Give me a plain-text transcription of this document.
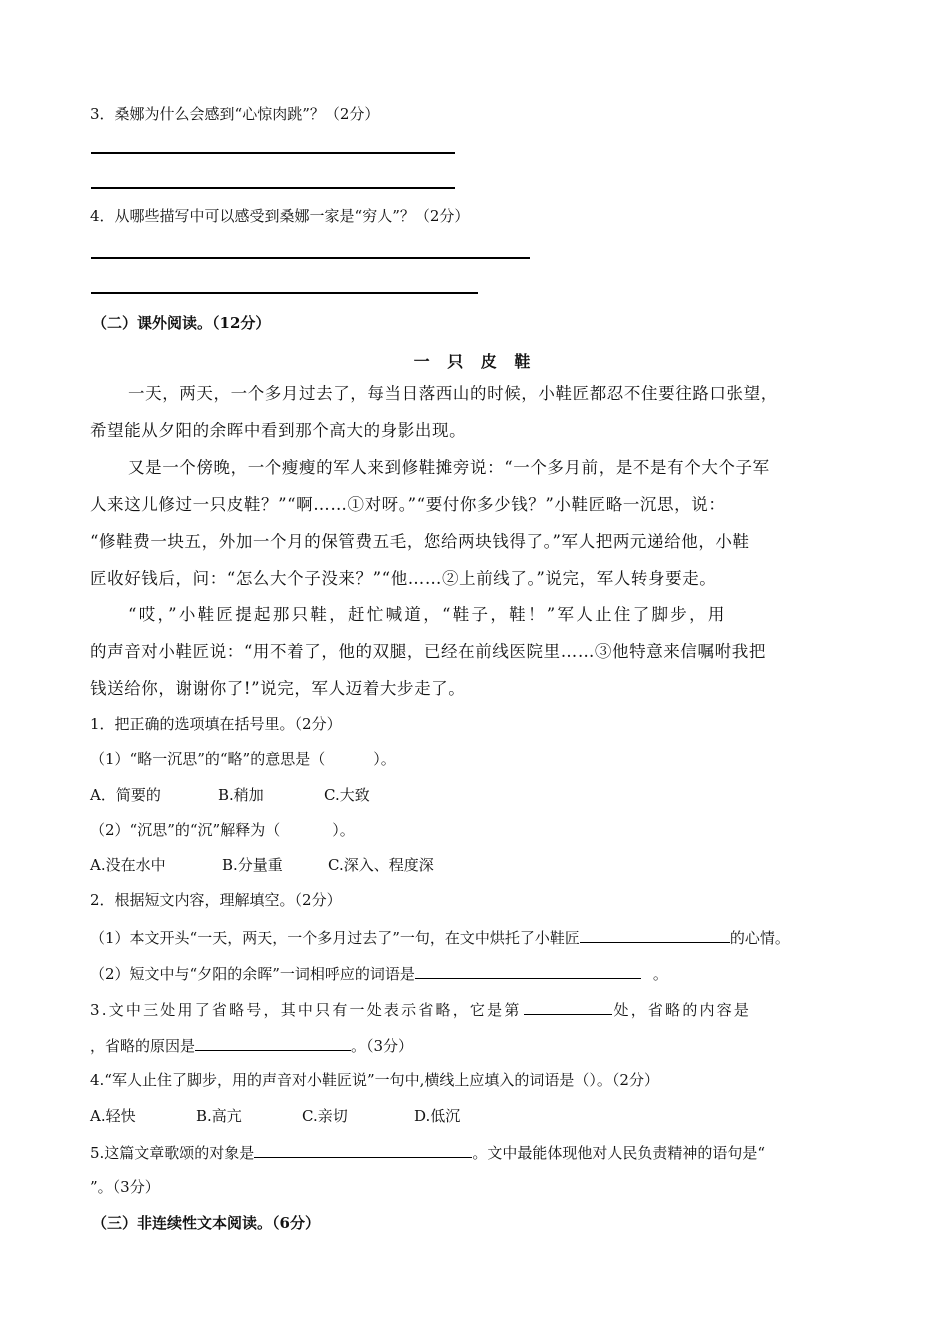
3．桑娜为什么会感到“心惊肉跳”？（2分）
4．从哪些描写中可以感受到桑娜一家是“穷人”？（2分）
（二）课外阅读。（12分）
一 只 皮 鞋
一天，两天，一个多月过去了，每当日落西山的时候，小鞋匠都忍不住要往路口张望，
希望能从夕阳的余晖中看到那个高大的身影出现。
又是一个傍晚，一个瘦瘦的军人来到修鞋摊旁说：“一个多月前，是不是有个大个子军
人来这儿修过一只皮鞋？”“啊……①对呀。”“要付你多少钱？”小鞋匠略一沉思，说：
“修鞋费一块五，外加一个月的保管费五毛，您给两块钱得了。”军人把两元递给他，小鞋
匠收好钱后，问：“怎么大个子没来？”“他……②上前线了。”说完，军人转身要走。
“哎，”小鞋匠提起那只鞋，赶忙喊道，“鞋子，鞋！”军人止住了脚步，用
的声音对小鞋匠说：“用不着了，他的双腿，已经在前线医院里……③他特意来信嘱咐我把
钱送给你，谢谢你了!”说完，军人迈着大步走了。
1．把正确的选项填在括号里。（2分）
（1）“略一沉思”的“略”的意思是（	）。
A．简要的	B.稍加	C.大致
（2）“沉思”的“沉”解释为（	）。
A.没在水中	B.分量重	C.深入、程度深
2．根据短文内容，理解填空。（2分）
（1）本文开头“一天，两天，一个多月过去了”一句，在文中烘托了小鞋匠	的心情。
（2）短文中与“夕阳的余晖”一词相呼应的词语是	。
3.文中三处用了省略号，其中只有一处表示省略，它是第	处，省略的内容是
，省略的原因是	。（3分）
4.“军人止住了脚步，用的声音对小鞋匠说”一句中,横线上应填入的词语是（）。（2分）
A.轻快	B.高亢	C.亲切	D.低沉
5.这篇文章歌颂的对象是	。文中最能体现他对人民负责精神的语句是“
”。（3分）
（三）非连续性文本阅读。（6分）
